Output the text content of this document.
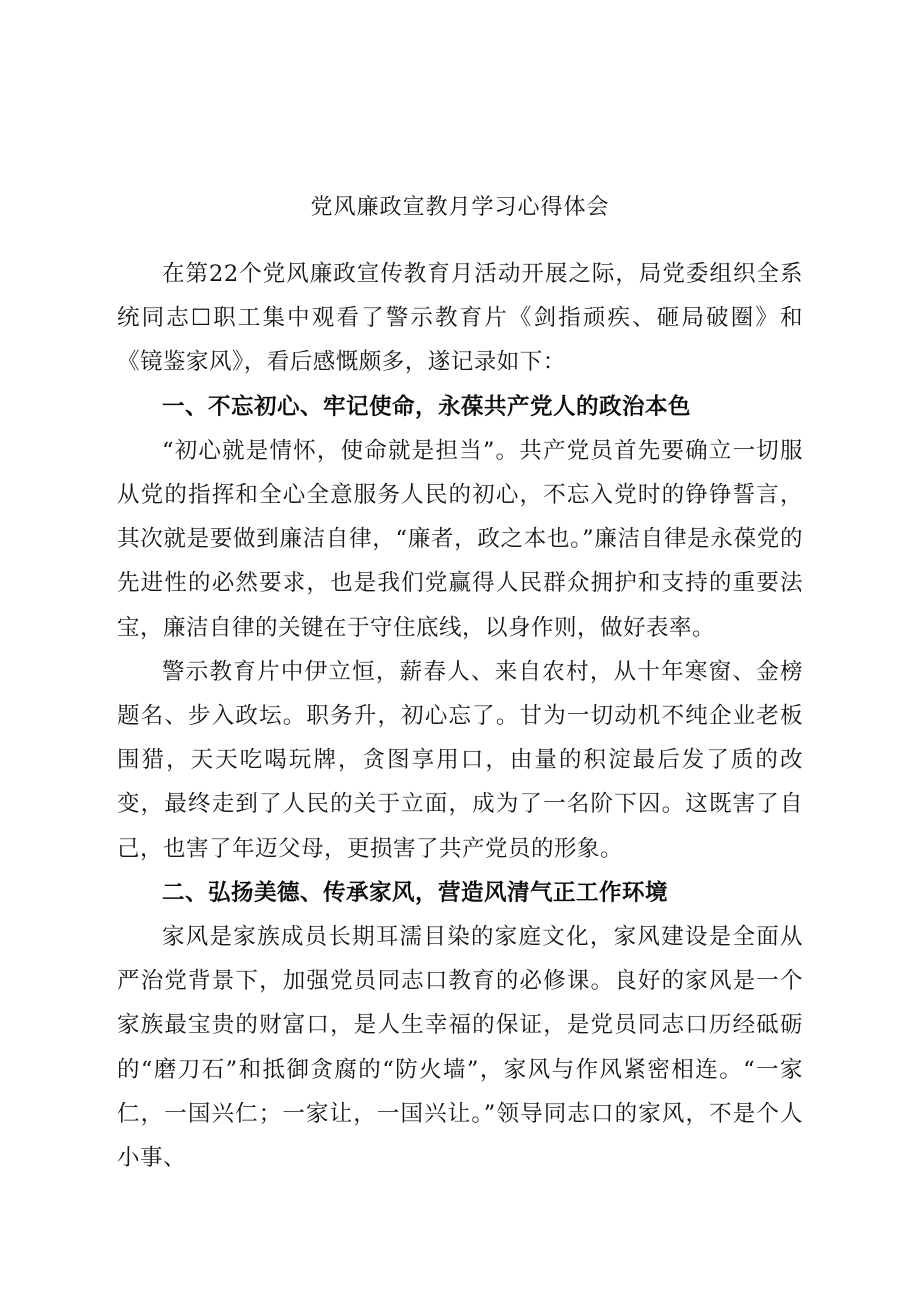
党风廉政宣教月学习心得体会

在第22个党风廉政宣传教育月活动开展之际，局党委组织全系统同志☐职工集中观看了警示教育片《剑指顽疾、砸局破圈》和《镜鉴家风》，看后感慨颇多，遂记录如下：

一、不忘初心、牢记使命，永葆共产党人的政治本色

“初心就是情怀，使命就是担当”。共产党员首先要确立一切服从党的指挥和全心全意服务人民的初心，不忘入党时的铮铮誓言，其次就是要做到廉洁自律，“廉者，政之本也。”廉洁自律是永葆党的先进性的必然要求，也是我们党赢得人民群众拥护和支持的重要法宝，廉洁自律的关键在于守住底线，以身作则，做好表率。

警示教育片中伊立恒，薪春人、来自农村，从十年寒窗、金榜题名、步入政坛。职务升，初心忘了。甘为一切动机不纯企业老板围猎，天天吃喝玩牌，贪图享用口，由量的积淀最后发了质的改变，最终走到了人民的关于立面，成为了一名阶下囚。这既害了自己，也害了年迈父母，更损害了共产党员的形象。

二、弘扬美德、传承家风，营造风清气正工作环境

家风是家族成员长期耳濡目染的家庭文化，家风建设是全面从严治党背景下，加强党员同志口教育的必修课。良好的家风是一个家族最宝贵的财富口，是人生幸福的保证，是党员同志口历经砥砺的“磨刀石”和抵御贪腐的“防火墙”，家风与作风紧密相连。“一家仁，一国兴仁；一家让，一国兴让。”领导同志口的家风，不是个人小事、
